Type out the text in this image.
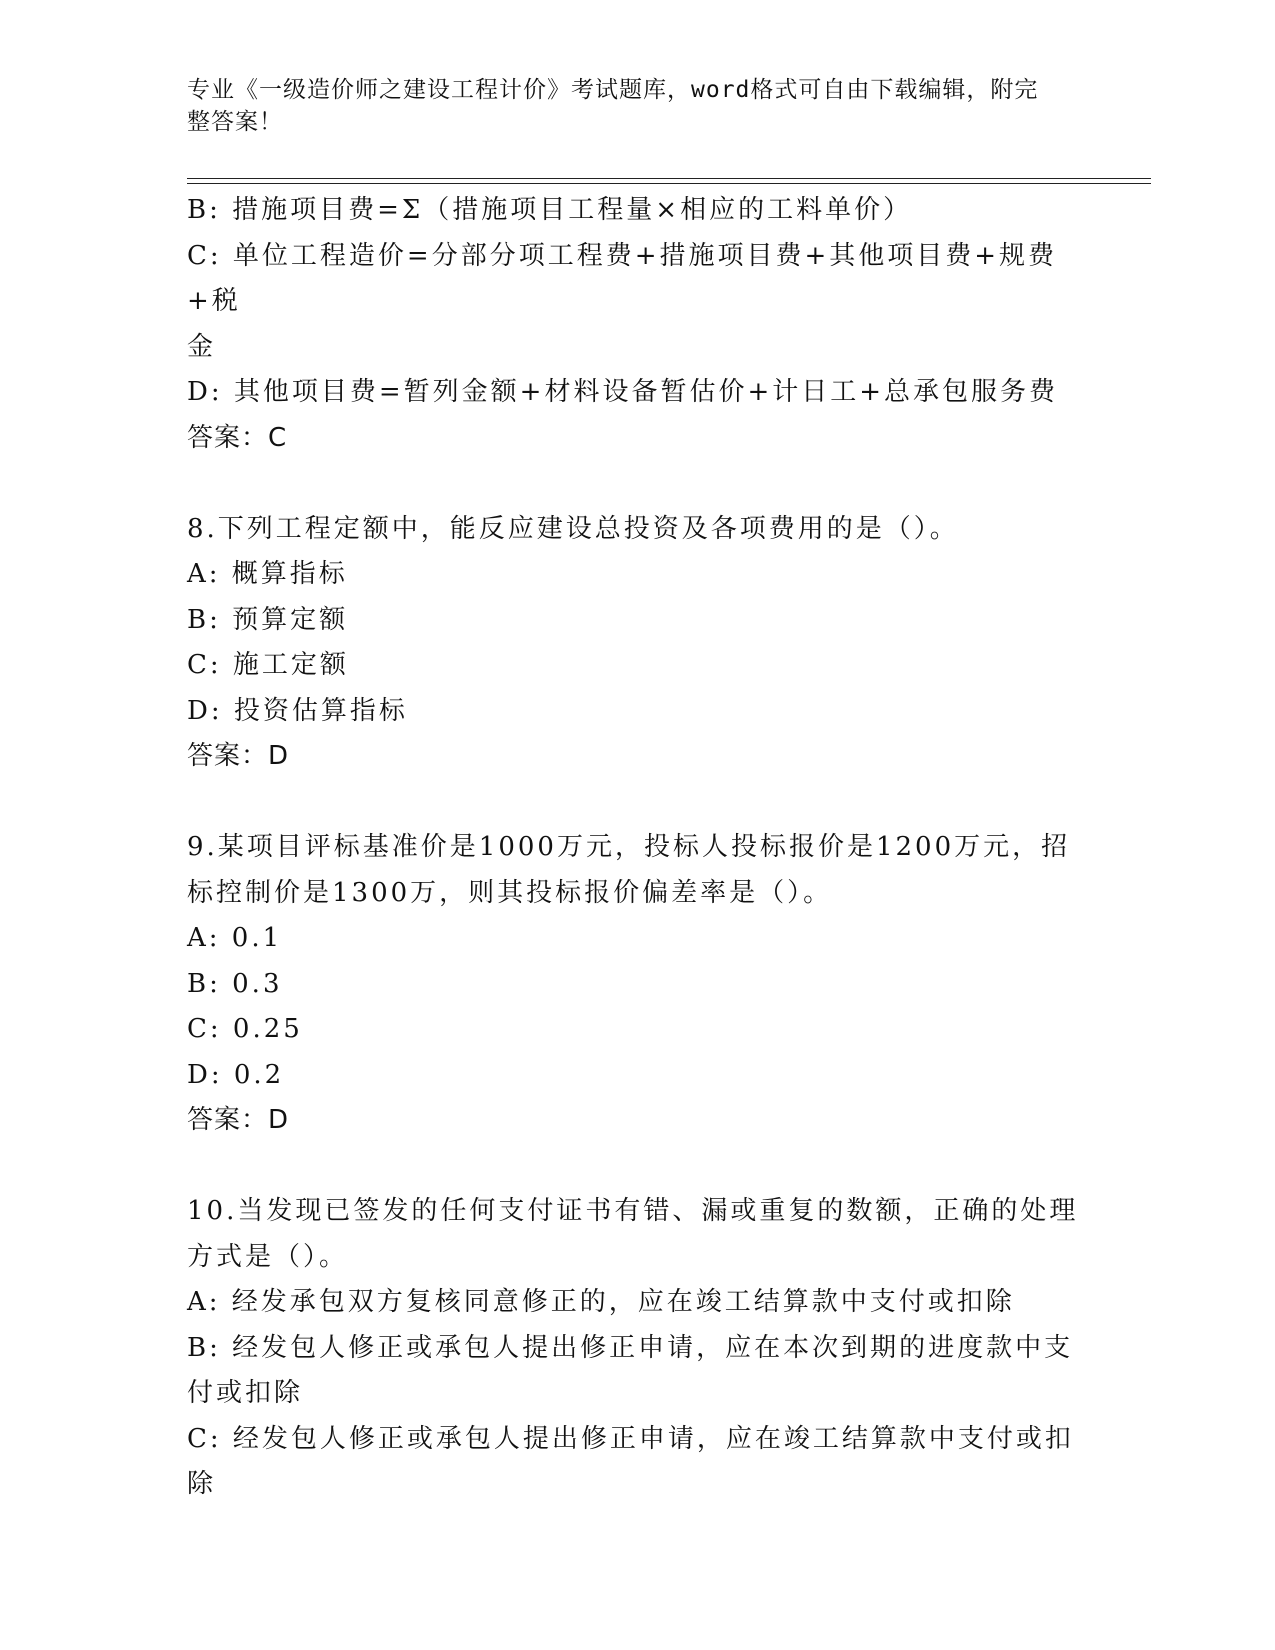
专业《一级造价师之建设工程计价》考试题库，word格式可自由下载编辑，附完
整答案！

B: 措施项目费=Σ（措施项目工程量×相应的工料单价）

C: 单位工程造价=分部分项工程费+措施项目费+其他项目费+规费+税

金

D: 其他项目费=暂列金额+材料设备暂估价+计日工+总承包服务费

答案：C

8.下列工程定额中，能反应建设总投资及各项费用的是（）。

A: 概算指标

B: 预算定额

C: 施工定额

D: 投资估算指标

答案：D

9.某项目评标基准价是1000万元，投标人投标报价是1200万元，招

标控制价是1300万，则其投标报价偏差率是（）。

A: 0.1

B: 0.3

C: 0.25

D: 0.2

答案：D

10.当发现已签发的任何支付证书有错、漏或重复的数额，正确的处理

方式是（）。

A: 经发承包双方复核同意修正的，应在竣工结算款中支付或扣除

B: 经发包人修正或承包人提出修正申请，应在本次到期的进度款中支

付或扣除

C: 经发包人修正或承包人提出修正申请，应在竣工结算款中支付或扣

除
